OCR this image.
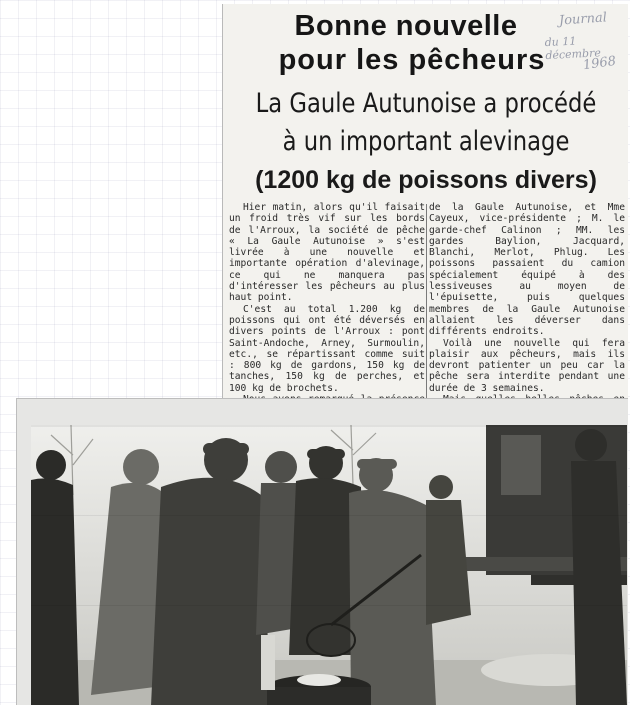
Bonne nouvelle
pour les pêcheurs
Journal
du 11 décembre
1968
La Gaule Autunoise a procédé
à un important alevinage
(1200 kg de poissons divers)

Hier matin, alors qu'il faisait un froid très vif sur les bords de l'Arroux, la société de pêche « La Gaule Autunoise » s'est livrée à une nouvelle et importante opération d'alevinage, ce qui ne manquera pas d'intéresser les pêcheurs au plus haut point.

C'est au total 1.200 kg de poissons qui ont été déversés en divers points de l'Arroux : pont Saint-Andoche, Arney, Surmoulin, etc., se répartissant comme suit : 800 kg de gardons, 150 kg de tanches, 150 kg de perches, et 100 kg de brochets.

de la Gaule Autunoise, et Mme Cayeux, vice-présidente ; M. le garde-chef Calinon ; MM. les gardes Baylion, Jacquard, Blanchi, Merlot, Phlug. Les poissons passaient du camion spécialement équipé à des lessiveuses au moyen de l'épuisette, puis quelques membres de la Gaule Autunoise allaient les déverser dans différents endroits.

Voilà une nouvelle qui fera plaisir aux pêcheurs, mais ils devront patienter un peu car la pêche sera interdite pendant une durée de 3 semaines.
